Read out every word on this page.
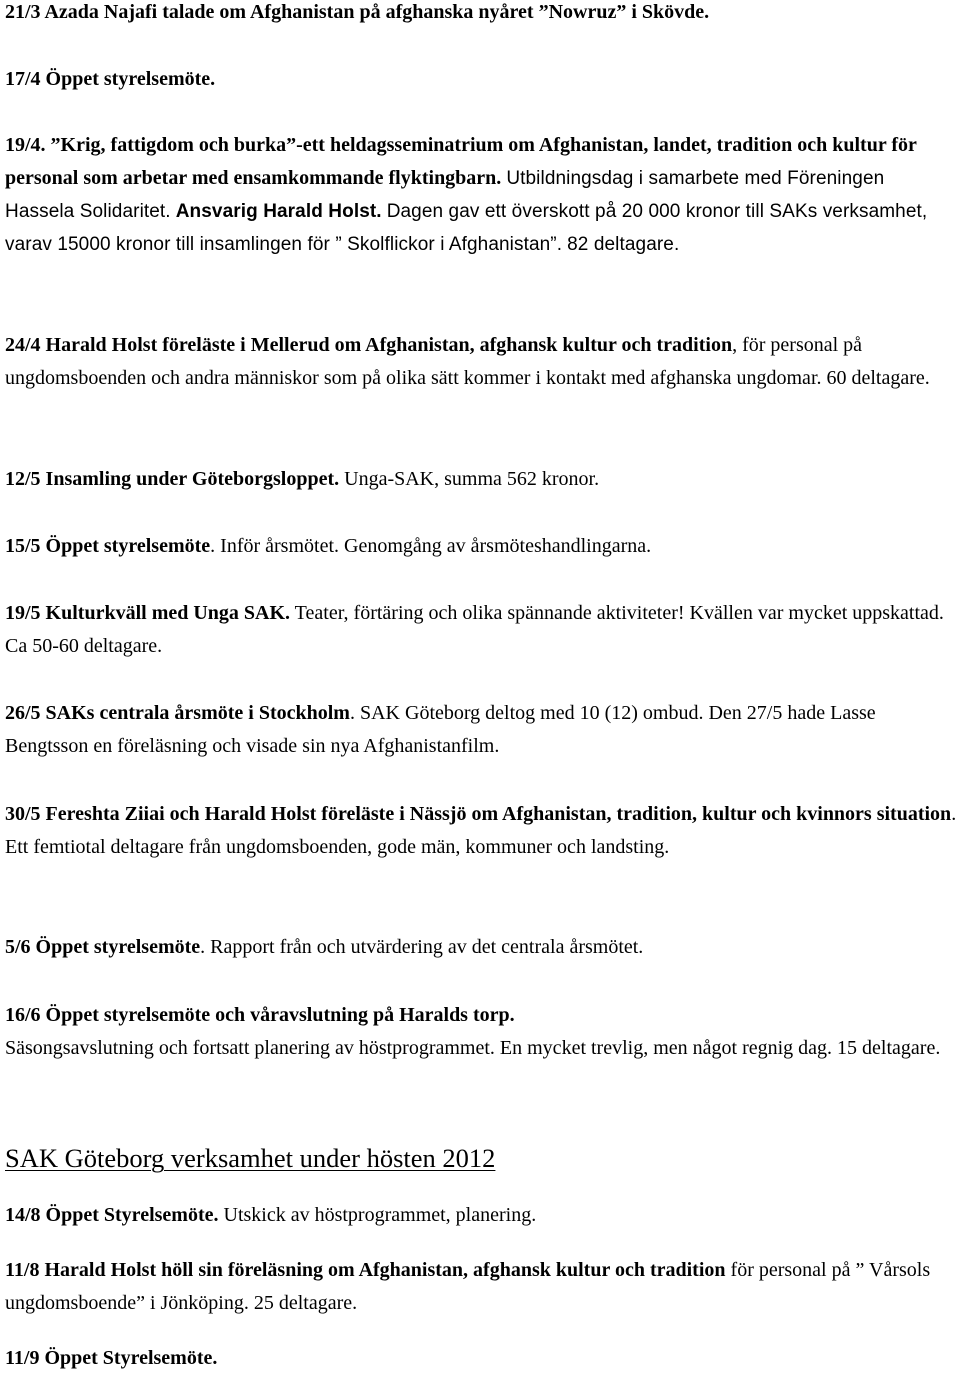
21/3 Azada Najafi talade om Afghanistan på afghanska nyåret ”Nowruz” i Skövde.

17/4 Öppet styrelsemöte.

19/4. ”Krig, fattigdom och burka”-ett heldagsseminatrium om Afghanistan, landet, tradition och kultur för personal som arbetar med ensamkommande flyktingbarn. Utbildningsdag i samarbete med Föreningen Hassela Solidaritet. Ansvarig Harald Holst. Dagen gav ett överskott på 20 000 kronor till SAKs verksamhet, varav 15000 kronor till insamlingen för ” Skolflickor i Afghanistan”. 82 deltagare.

24/4 Harald Holst föreläste i Mellerud om Afghanistan, afghansk kultur och tradition, för personal på ungdomsboenden och andra människor som på olika sätt kommer i kontakt med afghanska ungdomar. 60 deltagare.

12/5 Insamling under Göteborgsloppet. Unga-SAK, summa 562 kronor.

15/5 Öppet styrelsemöte. Inför årsmötet. Genomgång av årsmöteshandlingarna.

19/5 Kulturkväll med Unga SAK. Teater, förtäring och olika spännande aktiviteter! Kvällen var mycket uppskattad. Ca 50-60 deltagare.

26/5 SAKs centrala årsmöte i Stockholm. SAK Göteborg deltog med 10 (12) ombud. Den 27/5 hade Lasse Bengtsson en föreläsning och visade sin nya Afghanistanfilm.

30/5 Fereshta Ziiai och Harald Holst föreläste i Nässjö om Afghanistan, tradition, kultur och kvinnors situation. Ett femtiotal deltagare från ungdomsboenden, gode män, kommuner och landsting.

5/6 Öppet styrelsemöte. Rapport från och utvärdering av det centrala årsmötet.

16/6 Öppet styrelsemöte och våravslutning på Haralds torp.
Säsongsavslutning och fortsatt planering av höstprogrammet. En mycket trevlig, men något regnig dag. 15 deltagare.

SAK Göteborg verksamhet under hösten 2012

14/8 Öppet Styrelsemöte. Utskick av höstprogrammet, planering.

11/8 Harald Holst höll sin föreläsning om Afghanistan, afghansk kultur och tradition för personal på ” Vårsols ungdomsboende” i Jönköping. 25 deltagare.

11/9 Öppet Styrelsemöte.
